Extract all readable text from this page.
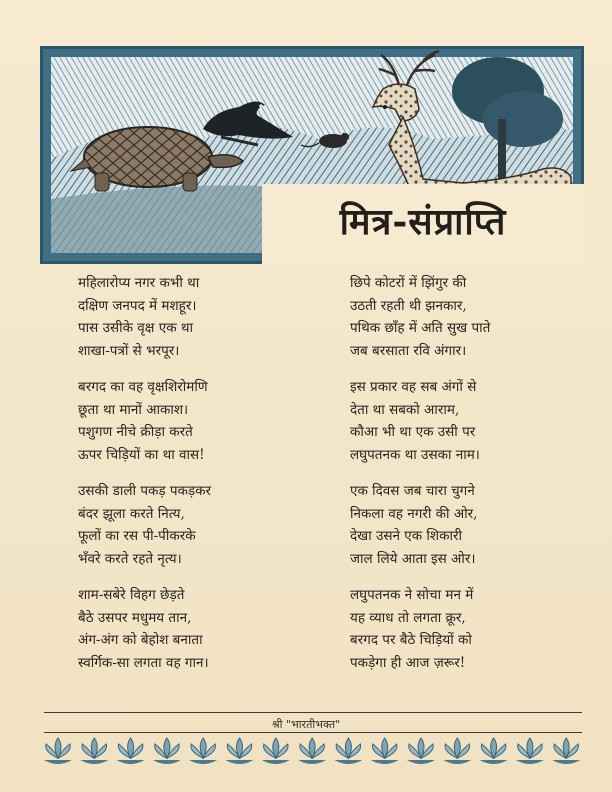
मित्र-संप्राप्ति
महिलारोप्य नगर कभी था
दक्षिण जनपद में मशहूर।
पास उसीके वृक्ष एक था
शाखा-पत्रों से भरपूर।
बरगद का वह वृक्षशिरोमणि
छूता था मानों आकाश।
पशुगण नीचे क्रीड़ा करते
ऊपर चिड़ियों का था वास!
उसकी डाली पकड़ पकड़कर
बंदर झूला करते नित्य,
फूलों का रस पी-पीकरके
भँवरे करते रहते नृत्य।
शाम-सबेरे विहग छेड़ते
बैठे उसपर मधुमय तान,
अंग-अंग को बेहोश बनाता
स्वर्गिक-सा लगता वह गान।
छिपे कोटरों में झिंगुर की
उठती रहती थी झनकार,
पथिक छाँह में अति सुख पाते
जब बरसाता रवि अंगार।
इस प्रकार वह सब अंगों से
देता था सबको आराम,
कौआ भी था एक उसी पर
लघुपतनक था उसका नाम।
एक दिवस जब चारा चुगने
निकला वह नगरी की ओर,
देखा उसने एक शिकारी
जाल लिये आता इस ओर।
लघुपतनक ने सोचा मन में
यह व्याध तो लगता क्रूर,
बरगद पर बैठे चिड़ियों को
पकड़ेगा ही आज ज़रूर!
श्री "भारतीभक्त"
